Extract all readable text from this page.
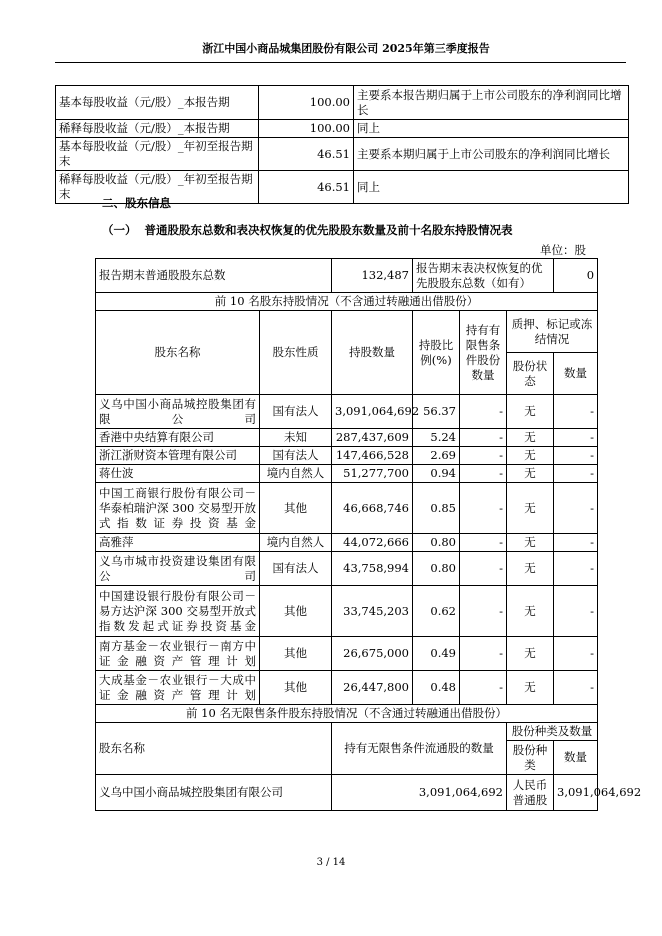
浙江中国小商品城集团股份有限公司 2025年第三季度报告
基本每股收益（元/股）_本报告期	100.00	主要系本报告期归属于上市公司股东的净利润同比增长
稀释每股收益（元/股）_本报告期	100.00	同上
基本每股收益（元/股）_年初至报告期末	46.51	主要系本期归属于上市公司股东的净利润同比增长
稀释每股收益（元/股）_年初至报告期末	46.51	同上
二、股东信息
（一）  普通股股东总数和表决权恢复的优先股股东数量及前十名股东持股情况表
单位：股
报告期末普通股股东总数		132,487	报告期末表决权恢复的优先股股东总数（如有）			0
前 10 名股东持股情况（不含通过转融通出借股份）						
股东名称	股东性质	持股数量	持股比例(%)	持有有限售条件股份数量	质押、标记或冻结情况	
					股份状态	数量
义乌中国小商品城控股集团有限公司	国有法人	3,091,064,692	56.37	-	无	-
香港中央结算有限公司	未知	287,437,609	5.24	-	无	-
浙江浙财资本管理有限公司	国有法人	147,466,528	2.69	-	无	-
蒋仕波	境内自然人	51,277,700	0.94	-	无	-
中国工商银行股份有限公司－华泰柏瑞沪深 300 交易型开放式指数证券投资基金	其他	46,668,746	0.85	-	无	-
高雅萍	境内自然人	44,072,666	0.80	-	无	-
义乌市城市投资建设集团有限公司	国有法人	43,758,994	0.80	-	无	-
中国建设银行股份有限公司－易方达沪深 300 交易型开放式指数发起式证券投资基金	其他	33,745,203	0.62	-	无	-
南方基金－农业银行－南方中证金融资产管理计划	其他	26,675,000	0.49	-	无	-
大成基金－农业银行－大成中证金融资产管理计划	其他	26,447,800	0.48	-	无	-
前 10 名无限售条件股东持股情况（不含通过转融通出借股份）						
股东名称		持有无限售条件流通股的数量			股份种类及数量	
					股份种类	数量
义乌中国小商品城控股集团有限公司		3,091,064,692			人民币普通股	3,091,064,692
3 / 14
